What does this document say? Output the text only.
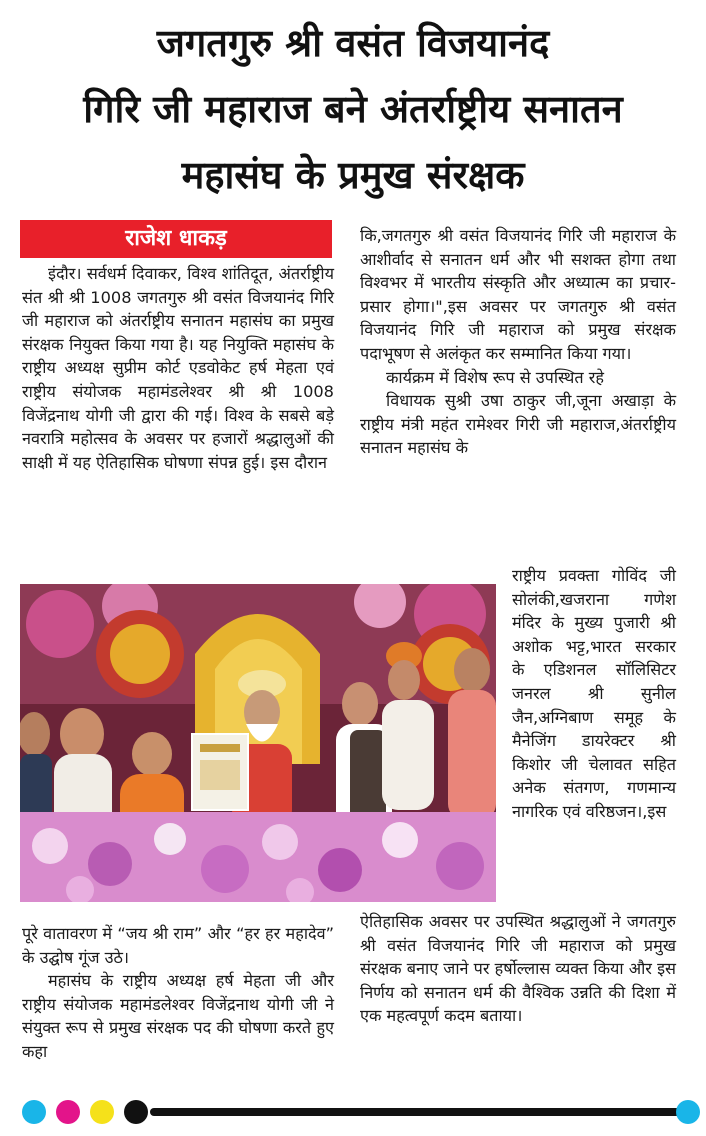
जगतगुरु श्री वसंत विजयानंद
गिरि जी महाराज बने अंतर्राष्ट्रीय सनातन
महासंघ के प्रमुख संरक्षक
राजेश धाकड़

इंदौर। सर्वधर्म दिवाकर, विश्व शांतिदूत, अंतर्राष्ट्रीय संत श्री श्री 1008 जगतगुरु श्री वसंत विजयानंद गिरि जी महाराज को अंतर्राष्ट्रीय सनातन महासंघ का प्रमुख संरक्षक नियुक्त किया गया है। यह नियुक्ति महासंघ के राष्ट्रीय अध्यक्ष सुप्रीम कोर्ट एडवोकेट हर्ष मेहता एवं राष्ट्रीय संयोजक महामंडलेश्वर श्री श्री 1008 विजेंद्रनाथ योगी जी द्वारा की गई। विश्व के सबसे बड़े नवरात्रि महोत्सव के अवसर पर हजारों श्रद्धालुओं की साक्षी में यह ऐतिहासिक घोषणा संपन्न हुई। इस दौरान

कि,जगतगुरु श्री वसंत विजयानंद गिरि जी महाराज के आशीर्वाद से सनातन धर्म और भी सशक्त होगा तथा विश्वभर में भारतीय संस्कृति और अध्यात्म का प्रचार-प्रसार होगा।",इस अवसर पर जगतगुरु श्री वसंत विजयानंद गिरि जी महाराज को प्रमुख संरक्षक पदाभूषण से अलंकृत कर सम्मानित किया गया।

कार्यक्रम में विशेष रूप से उपस्थित रहे

विधायक सुश्री उषा ठाकुर जी,जूना अखाड़ा के राष्ट्रीय मंत्री महंत रामेश्वर गिरी जी महाराज,अंतर्राष्ट्रीय सनातन महासंघ के

राष्ट्रीय प्रवक्ता गोविंद जी सोलंकी,खजराना गणेश मंदिर के मुख्य पुजारी श्री अशोक भट्ट,भारत सरकार के एडिशनल सॉलिसिटर जनरल श्री सुनील जैन,अग्निबाण समूह के मैनेजिंग डायरेक्टर श्री किशोर जी चेलावत सहित अनेक संतगण, गणमान्य नागरिक एवं वरिष्ठजन।,इस

ऐतिहासिक अवसर पर उपस्थित श्रद्धालुओं ने जगतगुरु श्री वसंत विजयानंद गिरि जी महाराज को प्रमुख संरक्षक बनाए जाने पर हर्षोल्लास व्यक्त किया और इस निर्णय को सनातन धर्म की वैश्विक उन्नति की दिशा में एक महत्वपूर्ण कदम बताया।

पूरे वातावरण में “जय श्री राम” और “हर हर महादेव” के उद्घोष गूंज उठे।

महासंघ के राष्ट्रीय अध्यक्ष हर्ष मेहता जी और राष्ट्रीय संयोजक महामंडलेश्वर विजेंद्रनाथ योगी जी ने संयुक्त रूप से प्रमुख संरक्षक पद की घोषणा करते हुए कहा
